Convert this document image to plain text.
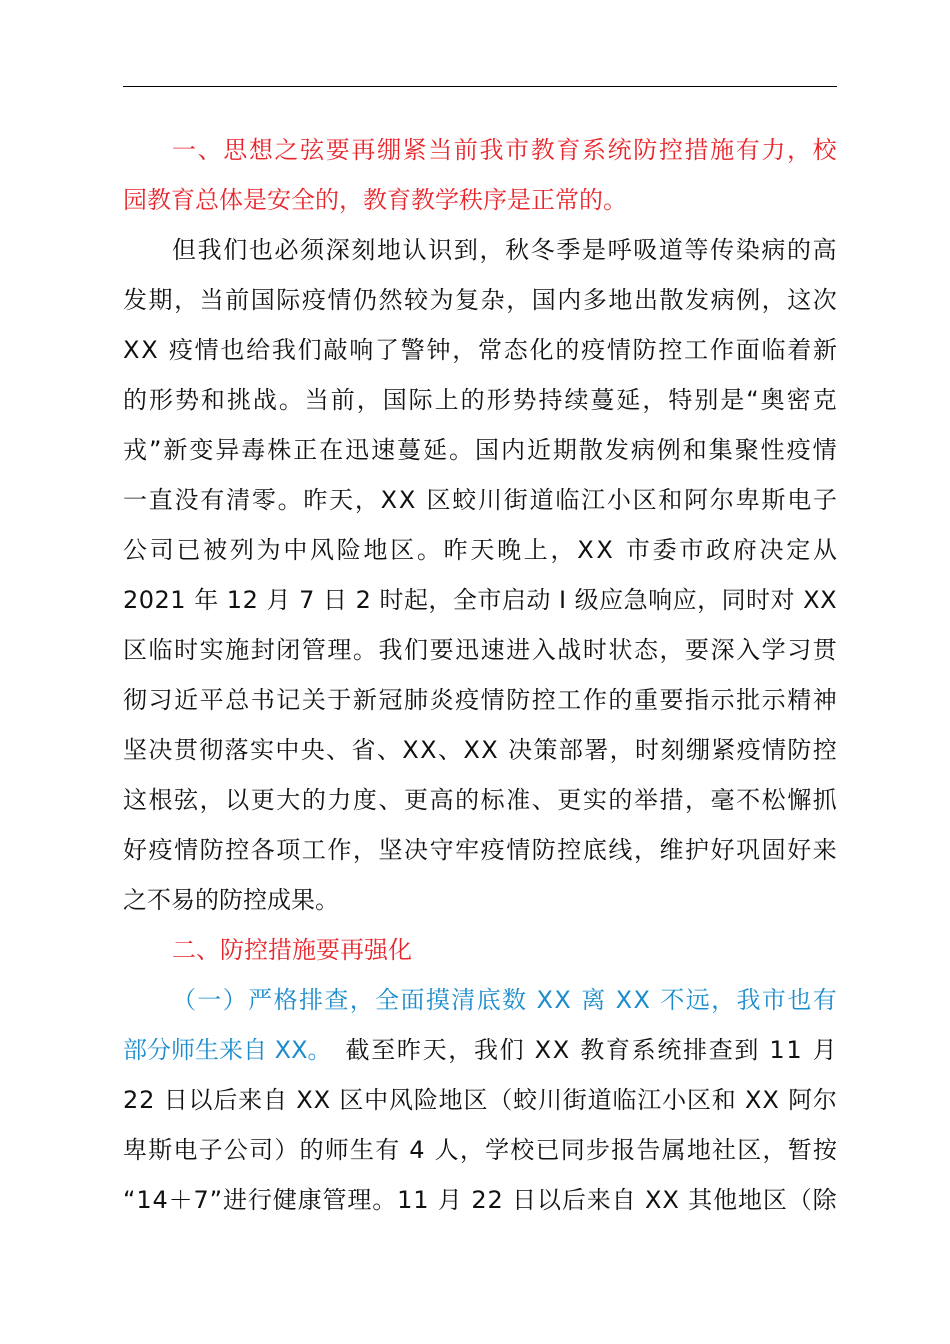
一 、 思 想 之 弦 要 再 绷 紧 当 前 我 市 教 育 系 统 防 控 措 施 有 力 ， 校
园教育总体是安全的，教育教学秩序是正常的。
但 我 们 也 必 须 深 刻 地 认 识 到 ， 秋 冬 季 是 呼 吸 道 等 传 染 病 的 高
发 期 ， 当 前 国 际 疫 情 仍 然 较 为 复 杂 ， 国 内 多 地 出 散 发 病 例 ， 这 次
X X
疫 情 也 给 我 们 敲 响 了 警 钟 ， 常 态 化 的 疫 情 防 控 工 作 面 临 着 新
的 形 势 和 挑 战 。 当 前 ， 国 际 上 的 形 势 持 续 蔓 延 ， 特 别 是 “ 奥 密 克
戎 ” 新 变 异 毒 株 正 在 迅 速 蔓 延 。 国 内 近 期 散 发 病 例 和 集 聚 性 疫 情
一 直 没 有 清 零 。 昨 天 ， X X
区 蛟 川 街 道 临 江 小 区 和 阿 尔 卑 斯 电 子
公 司 已 被 列 为 中 风 险 地 区 。 昨 天 晚 上 ， X X
市 委 市 政 府 决 定 从
2 0 2 1
年
1 2
月
7
日
2
时 起 ， 全 市 启 动
I
级 应 急 响 应 ， 同 时 对
X X
区 临 时 实 施 封 闭 管 理 。 我 们 要 迅 速 进 入 战 时 状 态 ， 要 深 入 学 习 贯
彻 习 近 平 总 书 记 关 于 新 冠 肺 炎 疫 情 防 控 工 作 的 重 要 指 示 批 示 精 神
坚 决 贯 彻 落 实 中 央 、 省 、 X X 、 X X
决 策 部 署 ， 时 刻 绷 紧 疫 情 防 控
这 根 弦 ， 以 更 大 的 力 度 、 更 高 的 标 准 、 更 实 的 举 措 ， 毫 不 松 懈 抓
好 疫 情 防 控 各 项 工 作 ， 坚 决 守 牢 疫 情 防 控 底 线 ， 维 护 好 巩 固 好 来
之不易的防控成果。
二、防控措施要再强化
（ 一 ） 严 格 排 查 ， 全 面 摸 清 底 数
X X
离
X X
不 远 ， 我 市 也 有
部分师生来自 XX。 截 至 昨 天 ， 我 们
X X
教 育 系 统 排 查 到
1 1
月
2 2
日 以 后 来 自
X X
区 中 风 险 地 区 （ 蛟 川 街 道 临 江 小 区 和
X X
阿 尔
卑 斯 电 子 公 司 ） 的 师 生 有
4
人 ， 学 校 已 同 步 报 告 属 地 社 区 ， 暂 按
“ 1 4 ＋ 7 ” 进 行 健 康 管 理 。 1 1
月
2 2
日 以 后 来 自
X X
其 他 地 区 （ 除
